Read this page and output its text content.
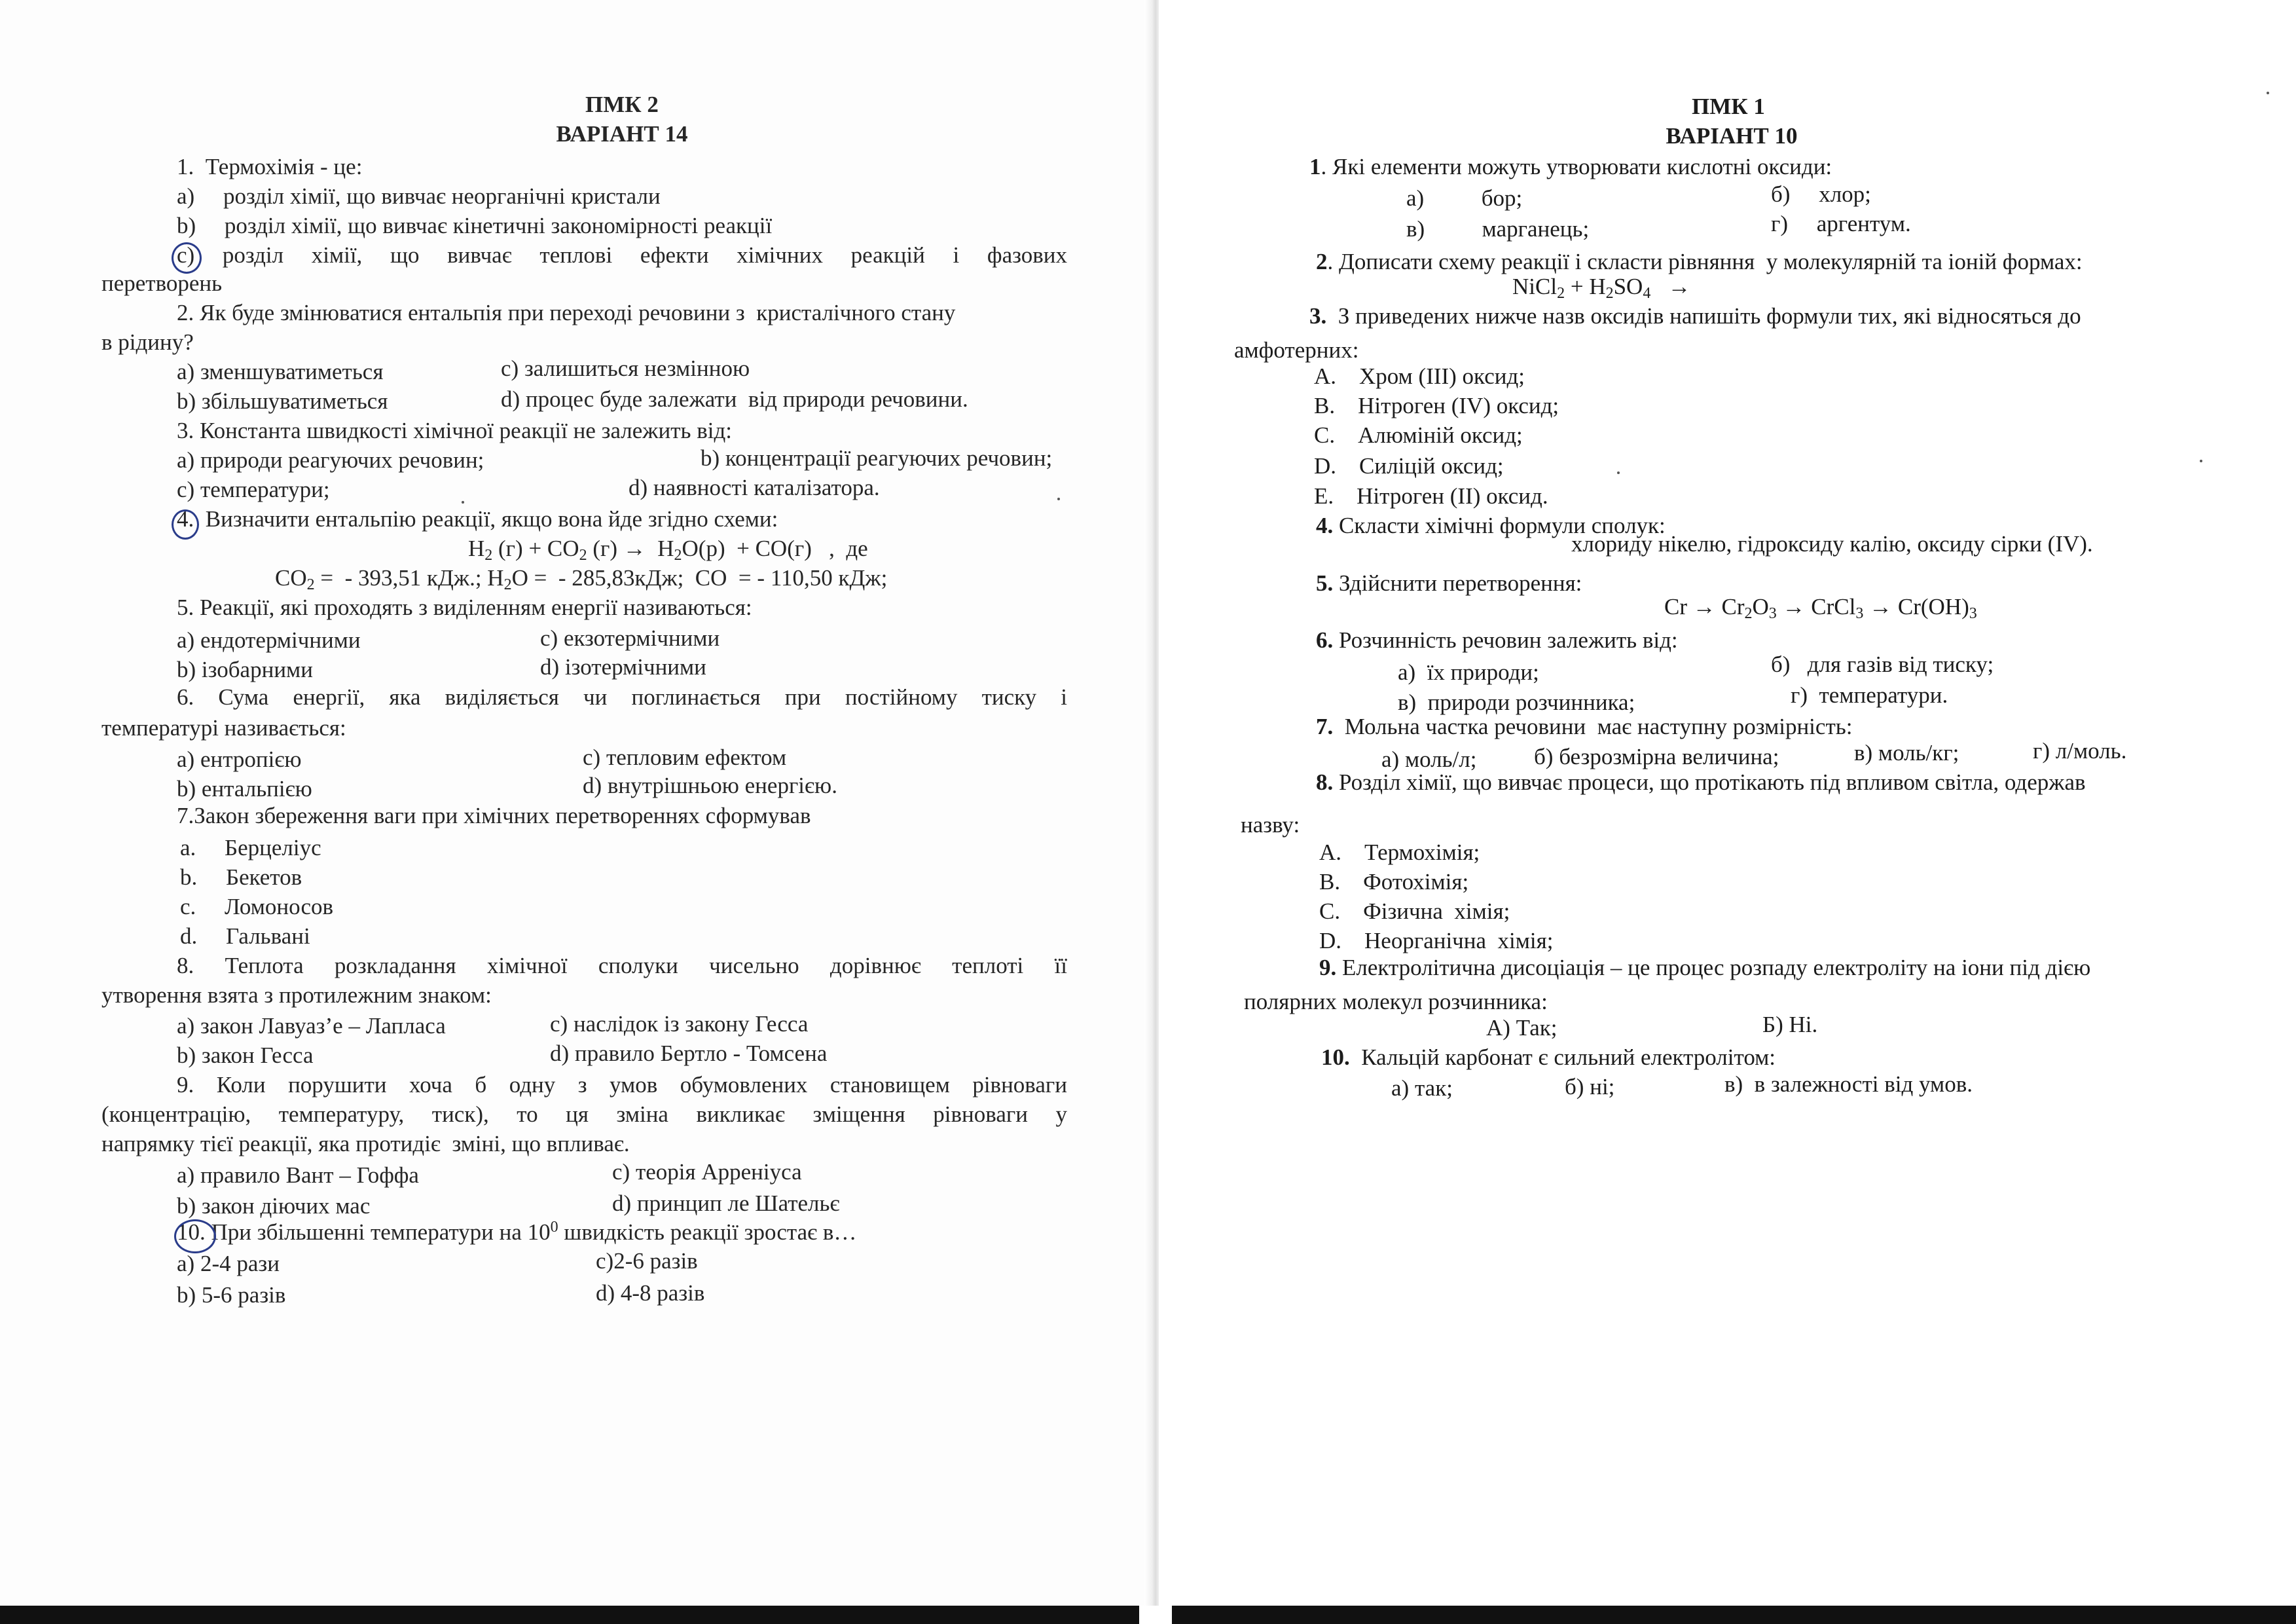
ПМК 2
ВАРІАНТ 14
1.  Термохімія - це:
a)     розділ хімії, що вивчає неорганічні кристали
b)     розділ хімії, що вивчає кінетичні закономірності реакції
с) розділ хімії, що вивчає теплові ефекти хімічних реакцій і фазових
перетворень
2. Як буде змінюватися ентальпія при переході речовини з  кристалічного стану
в рідину?
a) зменшуватиметься	с) залишиться незмінною
b) збільшуватиметься	d) процес буде залежати  від природи речовини.
3. Константа швидкості хімічної реакції не залежить від:
а) природи реагуючих речовин;	b) концентрації реагуючих речовин;
с) температури;	d) наявності каталізатора.
4.  Визначити ентальпію реакції, якщо вона йде згідно схеми:
$H_2$ $(г) + CO_2$ $(г) \to H_2O(р) + CO(г)$   ,  де
$CO_2$ =  - 393,51 кДж.; $H_2O$ =  - 285,83кДж;  CO  = - 110,50 кДж;
5. Реакції, які проходять з виділенням енергії називаються:
а) ендотермічними	с) екзотермічними
b) ізобарними	d) ізотермічними
6. Сума енергії, яка виділяється чи поглинається при постійному тиску і
температурі називається:
а) ентропією	с) тепловим ефектом
b) ентальпією	d) внутрішньою енергією.
7.Закон збереження ваги при хімічних перетвореннях сформував
a.     Берцеліус
b.     Бекетов
c.     Ломоносов
d.     Гальвані
8. Теплота розкладання хімічної сполуки чисельно дорівнює теплоті її
утворення взята з протилежним знаком:
а) закон Лавуаз’е – Лапласа	с) наслідок із закону Гесса
b) закон Гесса	d) правило Бертло - Томсена
9. Коли порушити хоча б одну з умов обумовлених становищем рівноваги
(концентрацію, температуру, тиск), то ця зміна викликає зміщення рівноваги у
напрямку тієї реакції, яка протидіє  зміні, що впливає.
а) правило Вант – Гоффа	с) теорія Арреніуса
b) закон діючих мас	d) принцип ле Шательє
10. При збільшенні температури на $10^0$ швидкість реакції зростає в…
а) 2-4 рази	с)2-6 разів
b) 5-6 разів	d) 4-8 разів
ПМК 1
ВАРІАНТ 10
1. Які елементи можуть утворювати кислотні оксиди:
а)          бор;	б)     хлор;
в)          марганець;	г)     аргентум.
2. Дописати схему реакції і скласти рівняння  у молекулярній та іоній формах:
NiCl$_2$ + $H_2SO_4$   →
3.  З приведених нижче назв оксидів напишіть формули тих, які відносяться до
амфотерних:
A.    Хром (ІІІ) оксид;
B.    Нітроген (IV) оксид;
C.    Алюміній оксид;
D.    Силіцій оксид;
E.    Нітроген (II) оксид.
4. Скласти хімічні формули сполук:
хлориду нікелю, гідроксиду калію, оксиду сірки (IV).
5. Здійснити перетворення:
$Cr \to Cr_2O_3$ → CrCl$_3$ → $Cr(OH)_3$
6. Розчинність речовин залежить від:
а)  їх природи;	б)   для газів від тиску;
в)  природи розчинника;	г)  температури.
7.  Мольна частка речовини  має наступну розмірність:
а) моль/л;	б) безрозмірна величина;	в) моль/кг;	г) л/моль.
8. Розділ хімії, що вивчає процеси, що протікають під впливом світла, одержав
назву:
A.    Термохімія;
B.    Фотохімія;
C.    Фізична  хімія;
D.    Неорганічна  хімія;
9. Електролітична дисоціація – це процес розпаду електроліту на іони під дією
полярних молекул розчинника:
А) Так;	Б) Ні.
10.  Кальцій карбонат є сильний електролітом:
а) так;	б) ні;	в)  в залежності від умов.
